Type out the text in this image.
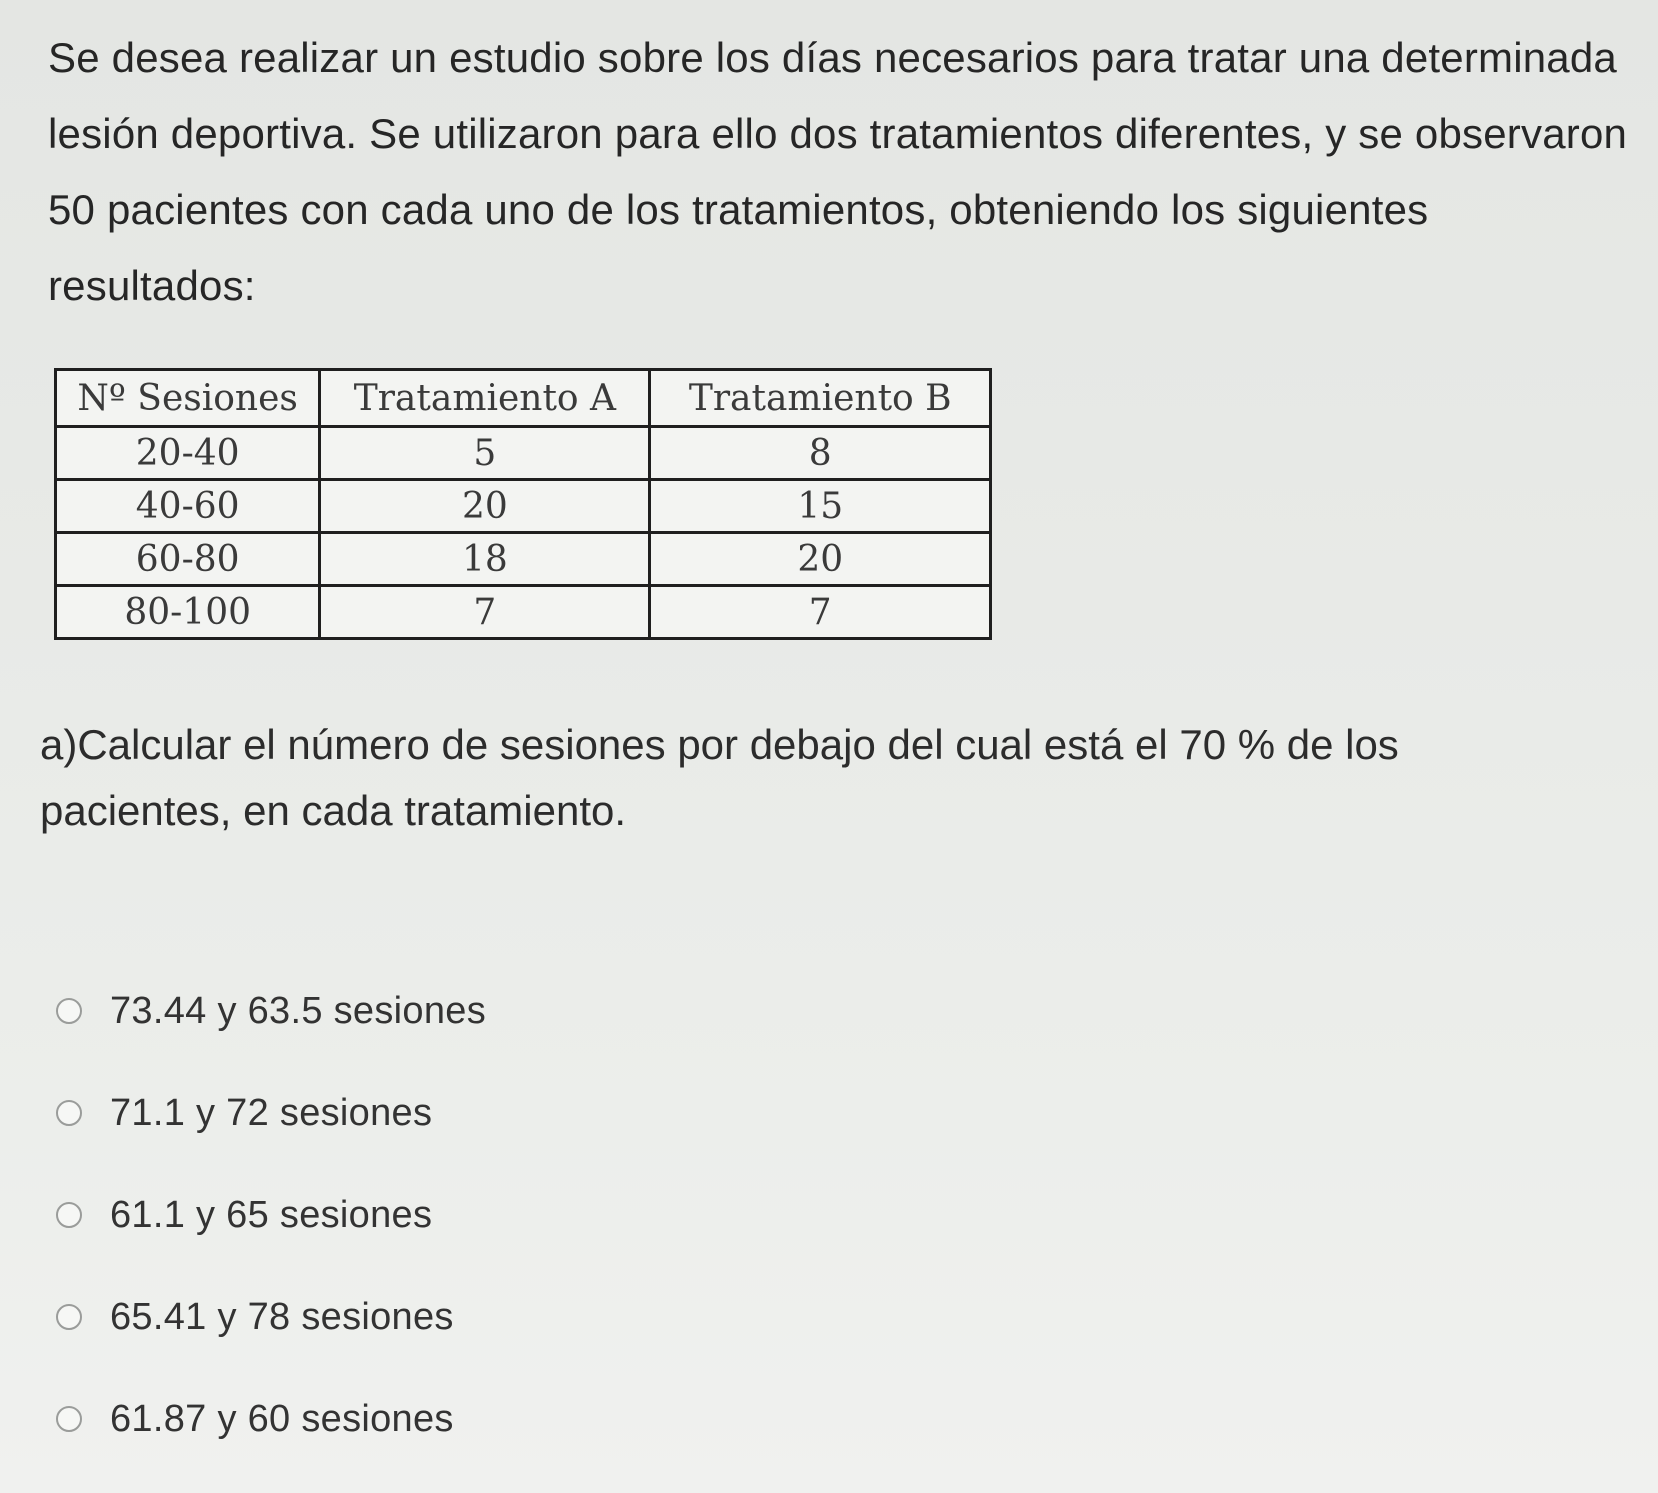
Se desea realizar un estudio sobre los días necesarios para tratar una determinada lesión deportiva. Se utilizaron para ello dos tratamientos diferentes, y se observaron 50 pacientes con cada uno de los tratamientos, obteniendo los siguientes resultados:

Nº Sesiones	Tratamiento A	Tratamiento B
20-40	5	8
40-60	20	15
60-80	18	20
80-100	7	7

a)Calcular el número de sesiones por debajo del cual está el 70 % de los pacientes, en cada tratamiento.

73.44 y 63.5 sesiones
71.1 y 72 sesiones
61.1 y 65 sesiones
65.41 y 78 sesiones
61.87 y 60 sesiones
